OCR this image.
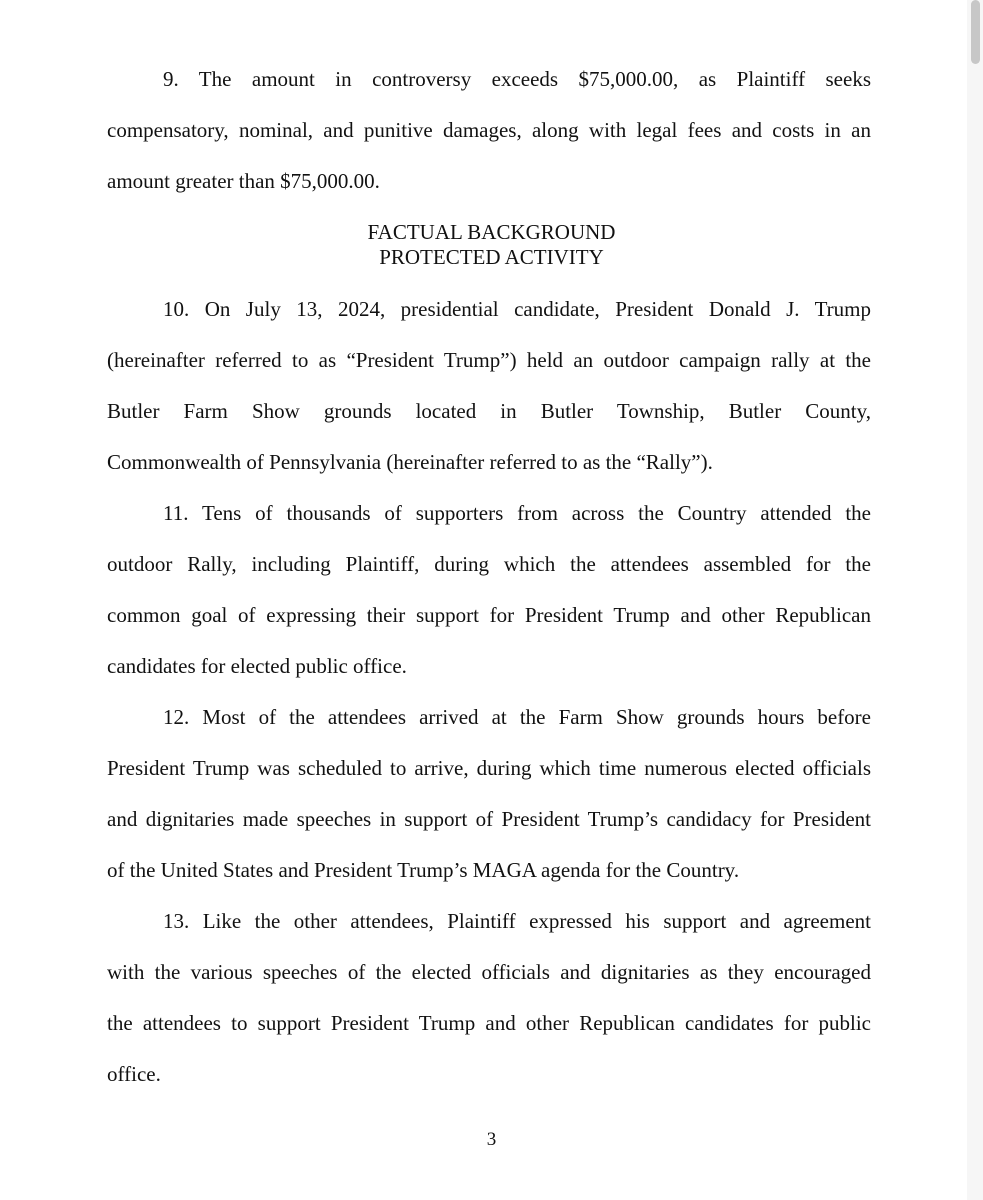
9. The amount in controversy exceeds $75,000.00, as Plaintiff seeks
compensatory, nominal, and punitive damages, along with legal fees and costs in an
amount greater than $75,000.00.
FACTUAL BACKGROUND
PROTECTED ACTIVITY
10. On July 13, 2024, presidential candidate, President Donald J. Trump
(hereinafter referred to as “President Trump”) held an outdoor campaign rally at the
Butler Farm Show grounds located in Butler Township, Butler County,
Commonwealth of Pennsylvania (hereinafter referred to as the “Rally”).
11. Tens of thousands of supporters from across the Country attended the
outdoor Rally, including Plaintiff, during which the attendees assembled for the
common goal of expressing their support for President Trump and other Republican
candidates for elected public office.
12. Most of the attendees arrived at the Farm Show grounds hours before
President Trump was scheduled to arrive, during which time numerous elected officials
and dignitaries made speeches in support of President Trump’s candidacy for President
of the United States and President Trump’s MAGA agenda for the Country.
13. Like the other attendees, Plaintiff expressed his support and agreement
with the various speeches of the elected officials and dignitaries as they encouraged
the attendees to support President Trump and other Republican candidates for public
office.
3
